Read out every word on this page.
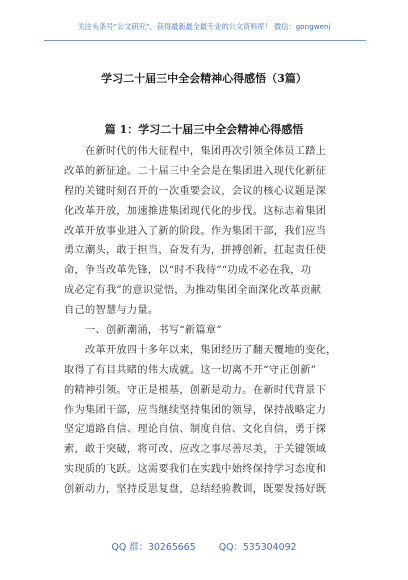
关注头条号“公文研究”，获得最新最全最专业的公文资料库！ 微信：gongwenj
学习二十届三中全会精神心得感悟（3篇）
篇 1：学习二十届三中全会精神心得感悟
　　在新时代的伟大征程中，集团再次引领全体员工踏上
改革的新征途。二十届三中全会是在集团进入现代化新征
程的关键时刻召开的一次重要会议，会议的核心议题是深
化改革开放，加速推进集团现代化的步伐。这标志着集团
改革开放事业进入了新的阶段。作为集团干部，我们应当
勇立潮头，敢于担当，奋发有为，拼搏创新，扛起责任使
命，争当改革先锋，以“时不我待”“功成不必在我，功
成必定有我”的意识觉悟，为推动集团全面深化改革贡献
自己的智慧与力量。
　　一、创新潮涌，书写“新篇章”
　　改革开放四十多年以来，集团经历了翻天覆地的变化，
取得了有目共睹的伟大成就。这一切离不开“守正创新”
的精神引领。守正是根基，创新是动力。在新时代背景下
作为集团干部，应当继续坚持集团的领导，保持战略定力
坚定道路自信、理论自信、制度自信、文化自信，勇于探
索，敢于突破，将可改、应改之事尽善尽美，于关键领域
实现质的飞跃。这需要我们在实践中始终保持学习态度和
创新动力，坚持反思复盘，总结经验教训，既要发扬好既
QQ 群：30265665 QQ：535304092
